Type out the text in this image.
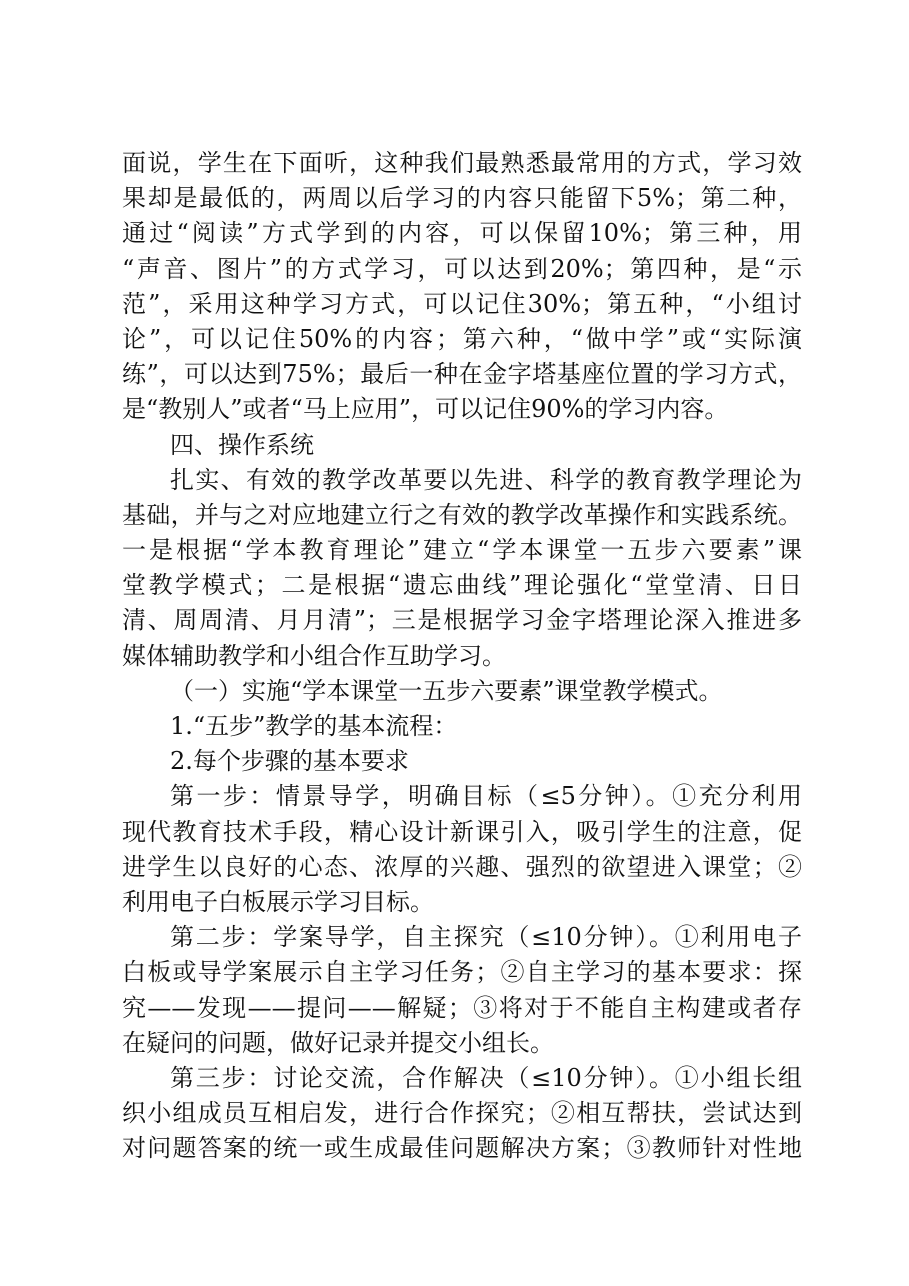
面说，学生在下面听，这种我们最熟悉最常用的方式，学习效
果却是最低的，两周以后学习的内容只能留下5%；第二种，
通过“阅读”方式学到的内容，可以保留10%；第三种，用
“声音、图片”的方式学习，可以达到20%；第四种，是“示
范”，采用这种学习方式，可以记住30%；第五种，“小组讨
论”，可以记住50%的内容；第六种，“做中学”或“实际演
练”，可以达到75%；最后一种在金字塔基座位置的学习方式，
是“教别人”或者“马上应用”，可以记住90%的学习内容。
四、操作系统
扎实、有效的教学改革要以先进、科学的教育教学理论为
基础，并与之对应地建立行之有效的教学改革操作和实践系统。
一是根据“学本教育理论”建立“学本课堂一五步六要素”课
堂教学模式；二是根据“遗忘曲线”理论强化“堂堂清、日日
清、周周清、月月清”；三是根据学习金字塔理论深入推进多
媒体辅助教学和小组合作互助学习。
（一）实施“学本课堂一五步六要素”课堂教学模式。
1.“五步”教学的基本流程：
2.每个步骤的基本要求
第一步：情景导学，明确目标（≤5分钟）。①充分利用
现代教育技术手段，精心设计新课引入，吸引学生的注意，促
进学生以良好的心态、浓厚的兴趣、强烈的欲望进入课堂；②
利用电子白板展示学习目标。
第二步：学案导学，自主探究（≤10分钟）。①利用电子
白板或导学案展示自主学习任务；②自主学习的基本要求：探
究——发现——提问——解疑；③将对于不能自主构建或者存
在疑问的问题，做好记录并提交小组长。
第三步：讨论交流，合作解决（≤10分钟）。①小组长组
织小组成员互相启发，进行合作探究；②相互帮扶，尝试达到
对问题答案的统一或生成最佳问题解决方案；③教师针对性地
